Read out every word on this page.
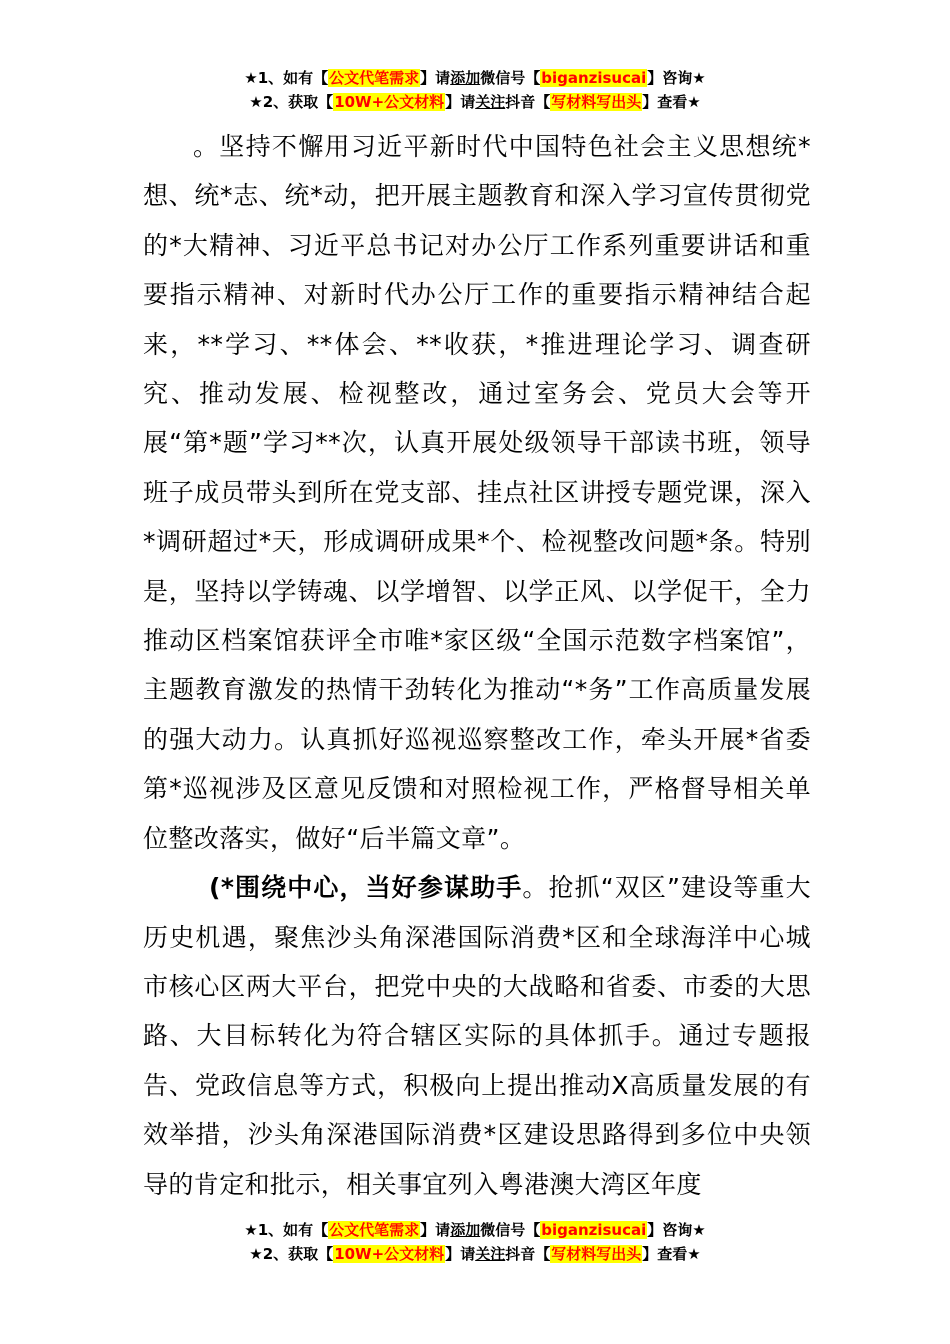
★1、如有【公文代笔需求】请添加微信号【biganzisucai】咨询★
★2、获取【10W+公文材料】请关注抖音【写材料写出头】查看★

。坚持不懈用习近平新时代中国特色社会主义思想统*想、统*志、统*动，把开展主题教育和深入学习宣传贯彻党的*大精神、习近平总书记对办公厅工作系列重要讲话和重要指示精神、对新时代办公厅工作的重要指示精神结合起来，**学习、**体会、**收获，*推进理论学习、调查研究、推动发展、检视整改，通过室务会、党员大会等开展“第*题”学习**次，认真开展处级领导干部读书班，领导班子成员带头到所在党支部、挂点社区讲授专题党课，深入*调研超过*天，形成调研成果*个、检视整改问题*条。特别是，坚持以学铸魂、以学增智、以学正风、以学促干，全力推动区档案馆获评全市唯*家区级“全国示范数字档案馆”，主题教育激发的热情干劲转化为推动“*务”工作高质量发展的强大动力。认真抓好巡视巡察整改工作，牵头开展*省委第*巡视涉及区意见反馈和对照检视工作，严格督导相关单位整改落实，做好“后半篇文章”。

(*围绕中心，当好参谋助手。抢抓“双区”建设等重大历史机遇，聚焦沙头角深港国际消费*区和全球海洋中心城市核心区两大平台，把党中央的大战略和省委、市委的大思路、大目标转化为符合辖区实际的具体抓手。通过专题报告、党政信息等方式，积极向上提出推动X高质量发展的有效举措，沙头角深港国际消费*区建设思路得到多位中央领导的肯定和批示，相关事宜列入粤港澳大湾区年度

★1、如有【公文代笔需求】请添加微信号【biganzisucai】咨询★
★2、获取【10W+公文材料】请关注抖音【写材料写出头】查看★
